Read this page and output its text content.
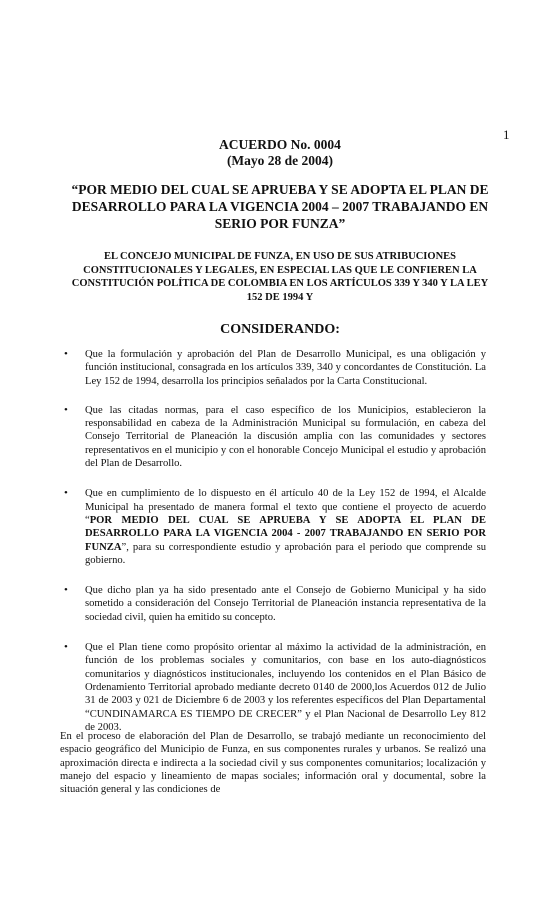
1
ACUERDO No. 0004
(Mayo 28 de 2004)
“POR MEDIO DEL CUAL SE APRUEBA Y SE ADOPTA EL PLAN DE DESARROLLO PARA LA VIGENCIA 2004 – 2007 TRABAJANDO EN SERIO POR FUNZA”
EL CONCEJO MUNICIPAL DE FUNZA, EN USO DE SUS ATRIBUCIONES CONSTITUCIONALES Y LEGALES, EN ESPECIAL LAS QUE LE CONFIEREN LA CONSTITUCIÓN POLÍTICA DE COLOMBIA EN LOS ARTÍCULOS 339 Y 340 Y LA LEY 152 DE 1994 Y
CONSIDERANDO:
• Que la formulación y aprobación del Plan de Desarrollo Municipal, es una obligación y función institucional, consagrada en los artículos 339, 340 y concordantes de Constitución. La Ley 152 de 1994, desarrolla los principios señalados por la Carta Constitucional.
• Que las citadas normas, para el caso específico de los Municipios, establecieron la responsabilidad en cabeza de la Administración Municipal su formulación, en cabeza del Consejo Territorial de Planeación la discusión amplia con las comunidades y sectores representativos en el municipio y con el honorable Concejo Municipal el estudio y aprobación del Plan de Desarrollo.
• Que en cumplimiento de lo dispuesto en él artículo 40 de la Ley 152 de 1994, el Alcalde Municipal ha presentado de manera formal el texto que contiene el proyecto de acuerdo “POR MEDIO DEL CUAL SE APRUEBA Y SE ADOPTA EL PLAN DE DESARROLLO PARA LA VIGENCIA 2004 - 2007 TRABAJANDO EN SERIO POR FUNZA”, para su correspondiente estudio y aprobación para el periodo que comprende su gobierno.
• Que dicho plan ya ha sido presentado ante el Consejo de Gobierno Municipal y ha sido sometido a consideración del Consejo Territorial de Planeación instancia representativa de la sociedad civil, quien ha emitido su concepto.
• Que el Plan tiene como propósito orientar al máximo la actividad de la administración, en función de los problemas sociales y comunitarios, con base en los auto-diagnósticos comunitarios y diagnósticos institucionales, incluyendo los contenidos en el Plan Básico de Ordenamiento Territorial aprobado mediante decreto 0140 de 2000,los Acuerdos 012 de Julio 31 de 2003 y 021 de Diciembre 6 de 2003 y los referentes específicos del Plan Departamental “CUNDINAMARCA ES TIEMPO DE CRECER” y el Plan Nacional de Desarrollo Ley 812 de 2003.

En el proceso de elaboración del Plan de Desarrollo, se trabajó mediante un reconocimiento del espacio geográfico del Municipio de Funza, en sus componentes rurales y urbanos. Se realizó una aproximación directa e indirecta a la sociedad civil y sus componentes comunitarios; localización y manejo del espacio y lineamiento de mapas sociales; información oral y documental, sobre la situación general y las condiciones de
